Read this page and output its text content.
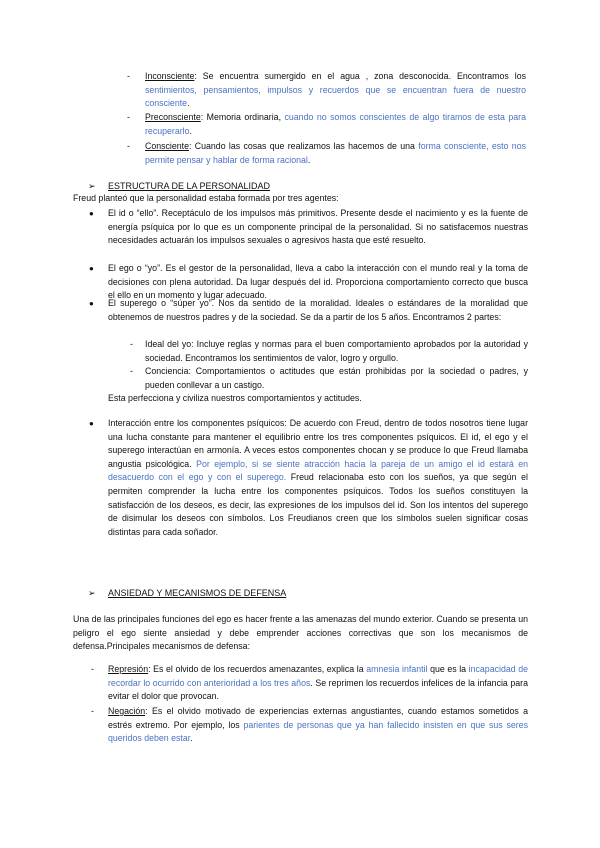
- Inconsciente: Se encuentra sumergido en el agua , zona desconocida. Encontramos los sentimientos, pensamientos, impulsos y recuerdos que se encuentran fuera de nuestro consciente.

- Preconsciente: Memoria ordinaria, cuando no somos conscientes de algo tiramos de esta para recuperarlo.

- Consciente: Cuando las cosas que realizamos las hacemos de una forma consciente, esto nos permite pensar y hablar de forma racional.

➢ ESTRUCTURA DE LA PERSONALIDAD

Freud planteó que la personalidad estaba formada por tres agentes:

● El id o “ello”. Receptáculo de los impulsos más primitivos. Presente desde el nacimiento y es la fuente de energía psíquica por lo que es un componente principal de la personalidad. Si no satisfacemos nuestras necesidades actuarán los impulsos sexuales o agresivos hasta que esté resuelto.

● El ego o “yo”. Es el gestor de la personalidad, lleva a cabo la interacción con el mundo real y la toma de decisiones con plena autoridad. Da lugar después del id. Proporciona comportamiento correcto que busca el ello en un momento y lugar adecuado.

● El superego o “súper yo”. Nos da sentido de la moralidad. Ideales o estándares de la moralidad que obtenemos de nuestros padres y de la sociedad. Se da a partir de los 5 años. Encontramos 2 partes:

- Ideal del yo: Incluye reglas y normas para el buen comportamiento aprobados por la autoridad y sociedad. Encontramos los sentimientos de valor, logro y orgullo.

- Conciencia: Comportamientos o actitudes que están prohibidas por la sociedad o padres, y pueden conllevar a un castigo.

Esta perfecciona y civiliza nuestros comportamientos y actitudes.

● Interacción entre los componentes psíquicos: De acuerdo con Freud, dentro de todos nosotros tiene lugar una lucha constante para mantener el equilibrio entre los tres componentes psíquicos. El id, el ego y el superego interactúan en armonía. A veces estos componentes chocan y se produce lo que Freud llamaba angustia psicológica. Por ejemplo, si se siente atracción hacia la pareja de un amigo el id estará en desacuerdo con el ego y con el superego. Freud relacionaba esto con los sueños, ya que según el permiten comprender la lucha entre los componentes psíquicos. Todos los sueños constituyen la satisfacción de los deseos, es decir, las expresiones de los impulsos del id. Son los intentos del superego de disimular los deseos con símbolos. Los Freudianos creen que los símbolos suelen significar cosas distintas para cada soñador.

➢ ANSIEDAD Y MECANISMOS DE DEFENSA

Una de las principales funciones del ego es hacer frente a las amenazas del mundo exterior. Cuando se presenta un peligro el ego siente ansiedad y debe emprender acciones correctivas que son los mecanismos de defensa.Principales mecanismos de defensa:

- Represión: Es el olvido de los recuerdos amenazantes, explica la amnesia infantil que es la incapacidad de recordar lo ocurrido con anterioridad a los tres años. Se reprimen los recuerdos infelices de la infancia para evitar el dolor que provocan.

- Negación: Es el olvido motivado de experiencias externas angustiantes, cuando estamos sometidos a estrés extremo. Por ejemplo, los parientes de personas que ya han fallecido insisten en que sus seres queridos deben estar.
